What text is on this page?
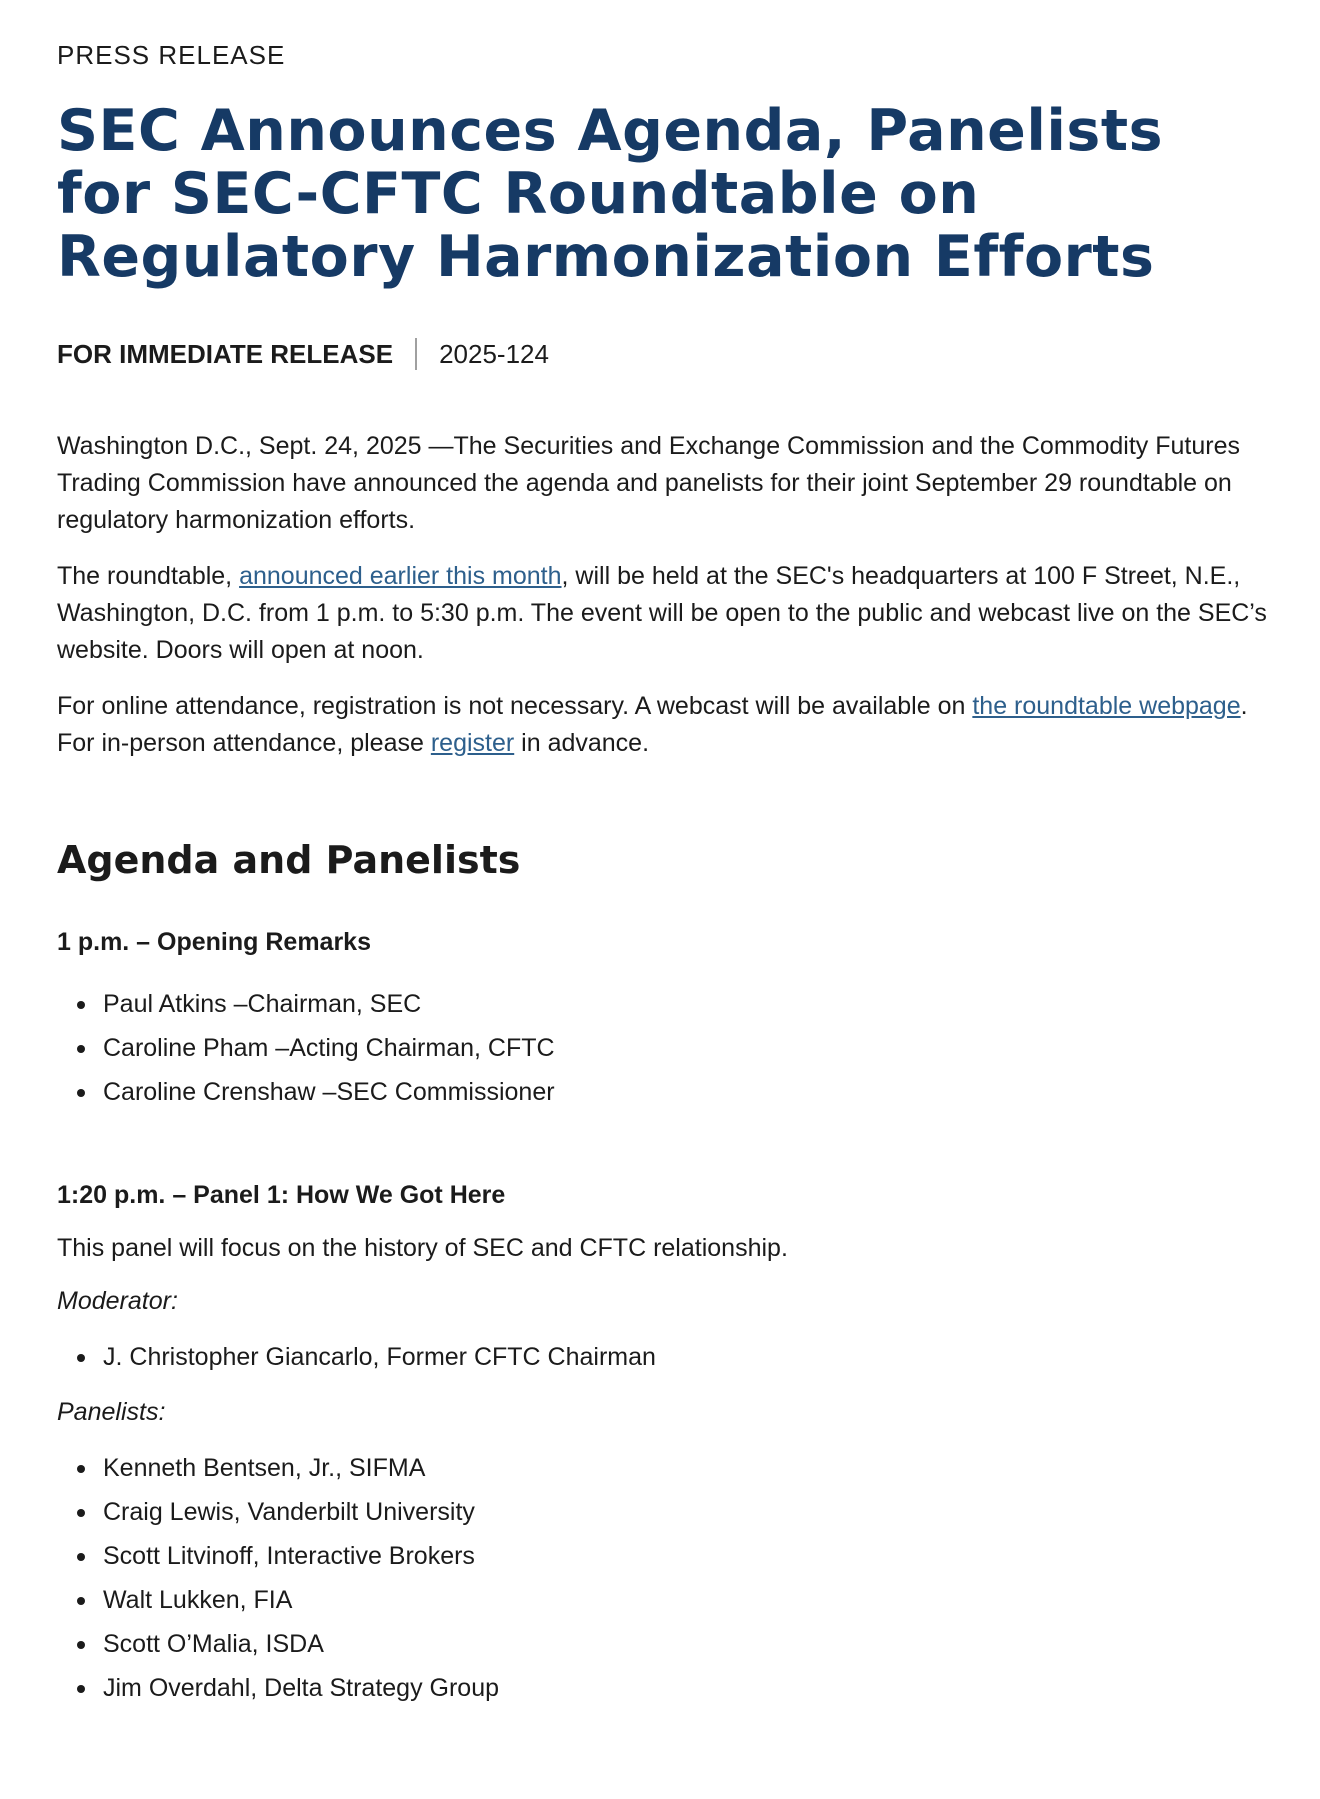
PRESS RELEASE
SEC Announces Agenda, Panelists for SEC-CFTC Roundtable on Regulatory Harmonization Efforts
FOR IMMEDIATE RELEASE 2025-124

Washington D.C., Sept. 24, 2025 —The Securities and Exchange Commission and the Commodity Futures Trading Commission have announced the agenda and panelists for their joint September 29 roundtable on regulatory harmonization efforts.

The roundtable, announced earlier this month, will be held at the SEC's headquarters at 100 F Street, N.E., Washington, D.C. from 1 p.m. to 5:30 p.m. The event will be open to the public and webcast live on the SEC’s website. Doors will open at noon.

For online attendance, registration is not necessary. A webcast will be available on the roundtable webpage. For in-person attendance, please register in advance.

Agenda and Panelists

1 p.m. – Opening Remarks

Paul Atkins –Chairman, SEC
Caroline Pham –Acting Chairman, CFTC
Caroline Crenshaw –SEC Commissioner

1:20 p.m. – Panel 1: How We Got Here

This panel will focus on the history of SEC and CFTC relationship.

Moderator:

J. Christopher Giancarlo, Former CFTC Chairman

Panelists:

Kenneth Bentsen, Jr., SIFMA
Craig Lewis, Vanderbilt University
Scott Litvinoff, Interactive Brokers
Walt Lukken, FIA
Scott O’Malia, ISDA
Jim Overdahl, Delta Strategy Group
